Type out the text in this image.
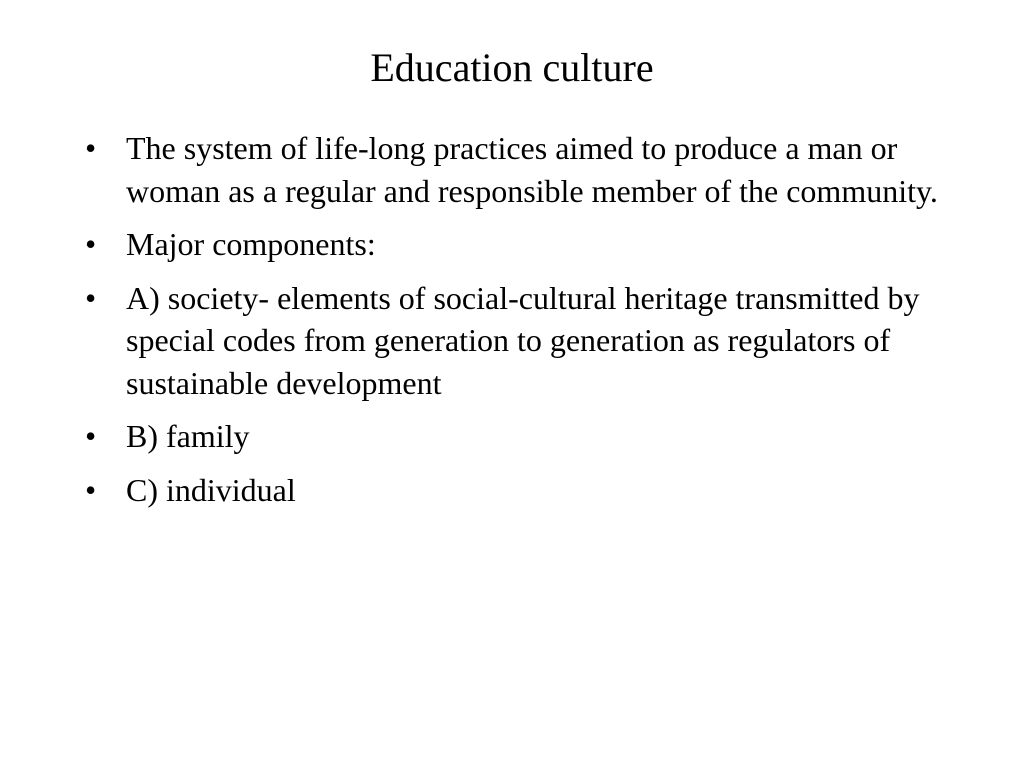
Education culture
• The system of life-long practices aimed to produce a man or woman as a regular and responsible member of the community.
• Major components:
• A) society- elements of social-cultural heritage transmitted by special codes from generation to generation as regulators of sustainable development
• B) family
• C) individual
